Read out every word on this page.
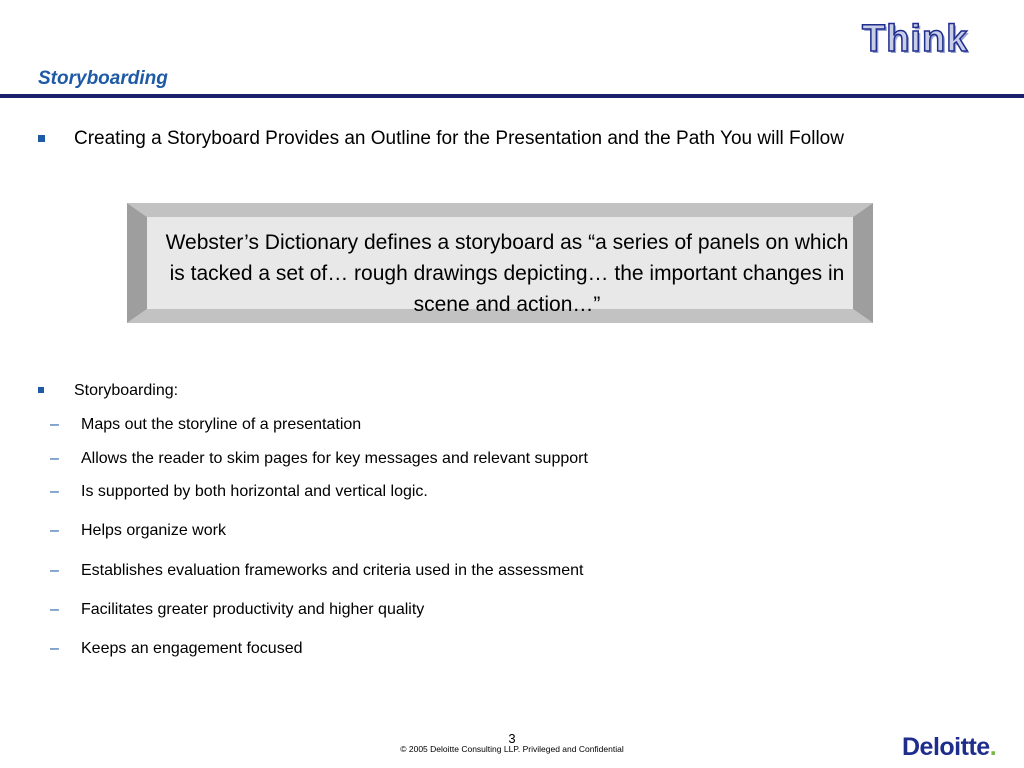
Think
Storyboarding
Creating a Storyboard Provides an Outline for the Presentation and the Path You will Follow
Webster’s Dictionary defines a storyboard as “a series of panels on which is tacked a set of… rough drawings depicting… the important changes in scene and action…”
Storyboarding:
– Maps out the storyline of a presentation
– Allows the reader to skim pages for key messages and relevant support
– Is supported by both horizontal and vertical logic.
– Helps organize work
– Establishes evaluation frameworks and criteria used in the assessment
– Facilitates greater productivity and higher quality
– Keeps an engagement focused
3
© 2005 Deloitte Consulting LLP. Privileged and Confidential	Deloitte.
